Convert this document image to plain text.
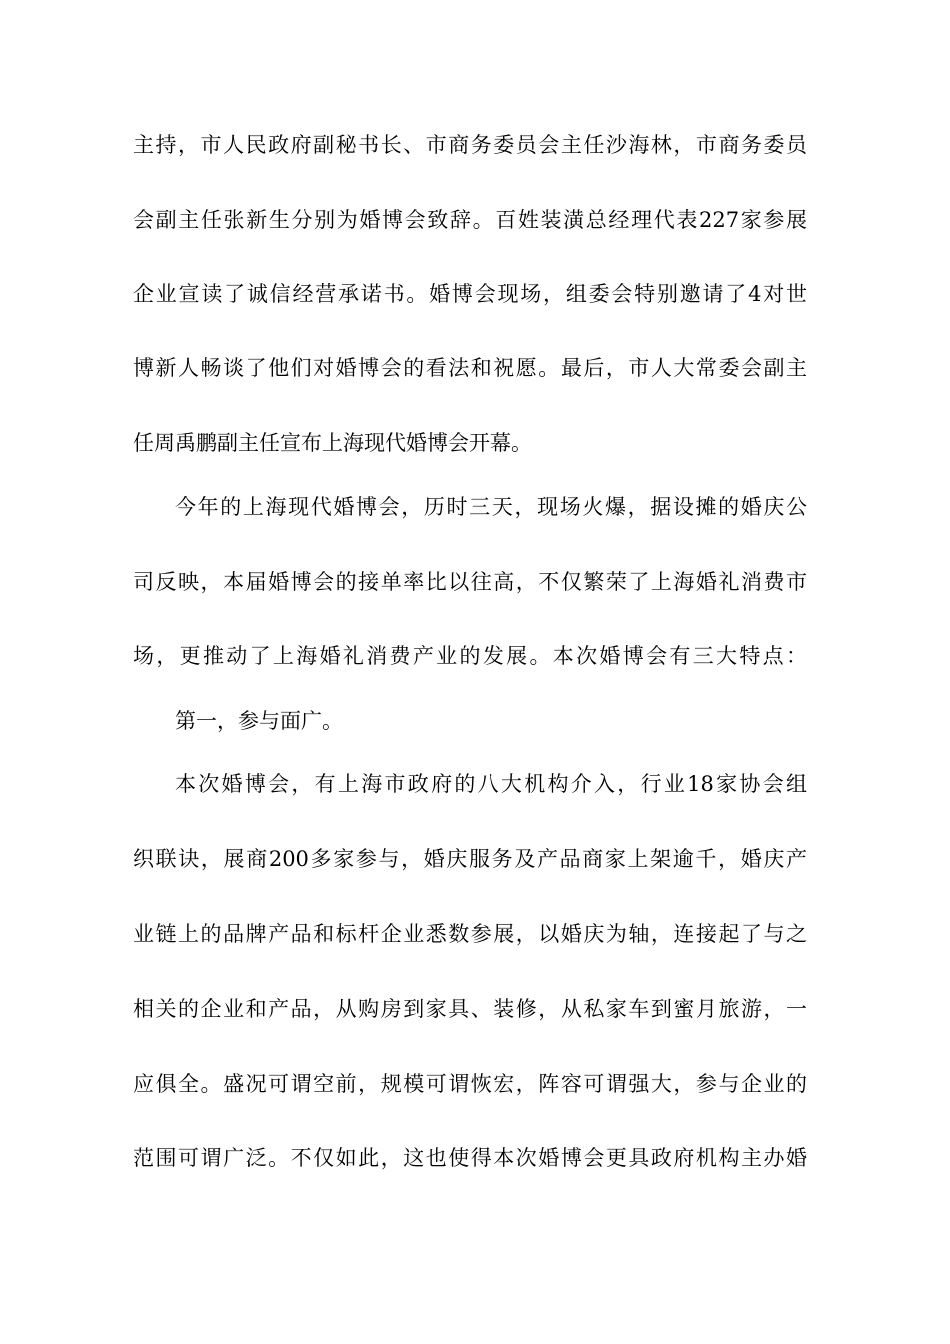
主持，市人民政府副秘书长、市商务委员会主任沙海林，市商务委员
会副主任张新生分别为婚博会致辞。百姓装潢总经理代表227家参展
企业宣读了诚信经营承诺书。婚博会现场，组委会特别邀请了4对世
博新人畅谈了他们对婚博会的看法和祝愿。最后，市人大常委会副主
任周禹鹏副主任宣布上海现代婚博会开幕。
今年的上海现代婚博会，历时三天，现场火爆，据设摊的婚庆公
司反映，本届婚博会的接单率比以往高，不仅繁荣了上海婚礼消费市
场，更推动了上海婚礼消费产业的发展。本次婚博会有三大特点：
第一，参与面广。
本次婚博会，有上海市政府的八大机构介入，行业18家协会组
织联诀，展商200多家参与，婚庆服务及产品商家上架逾千，婚庆产
业链上的品牌产品和标杆企业悉数参展，以婚庆为轴，连接起了与之
相关的企业和产品，从购房到家具、装修，从私家车到蜜月旅游，一
应俱全。盛况可谓空前，规模可谓恢宏，阵容可谓强大，参与企业的
范围可谓广泛。不仅如此，这也使得本次婚博会更具政府机构主办婚
